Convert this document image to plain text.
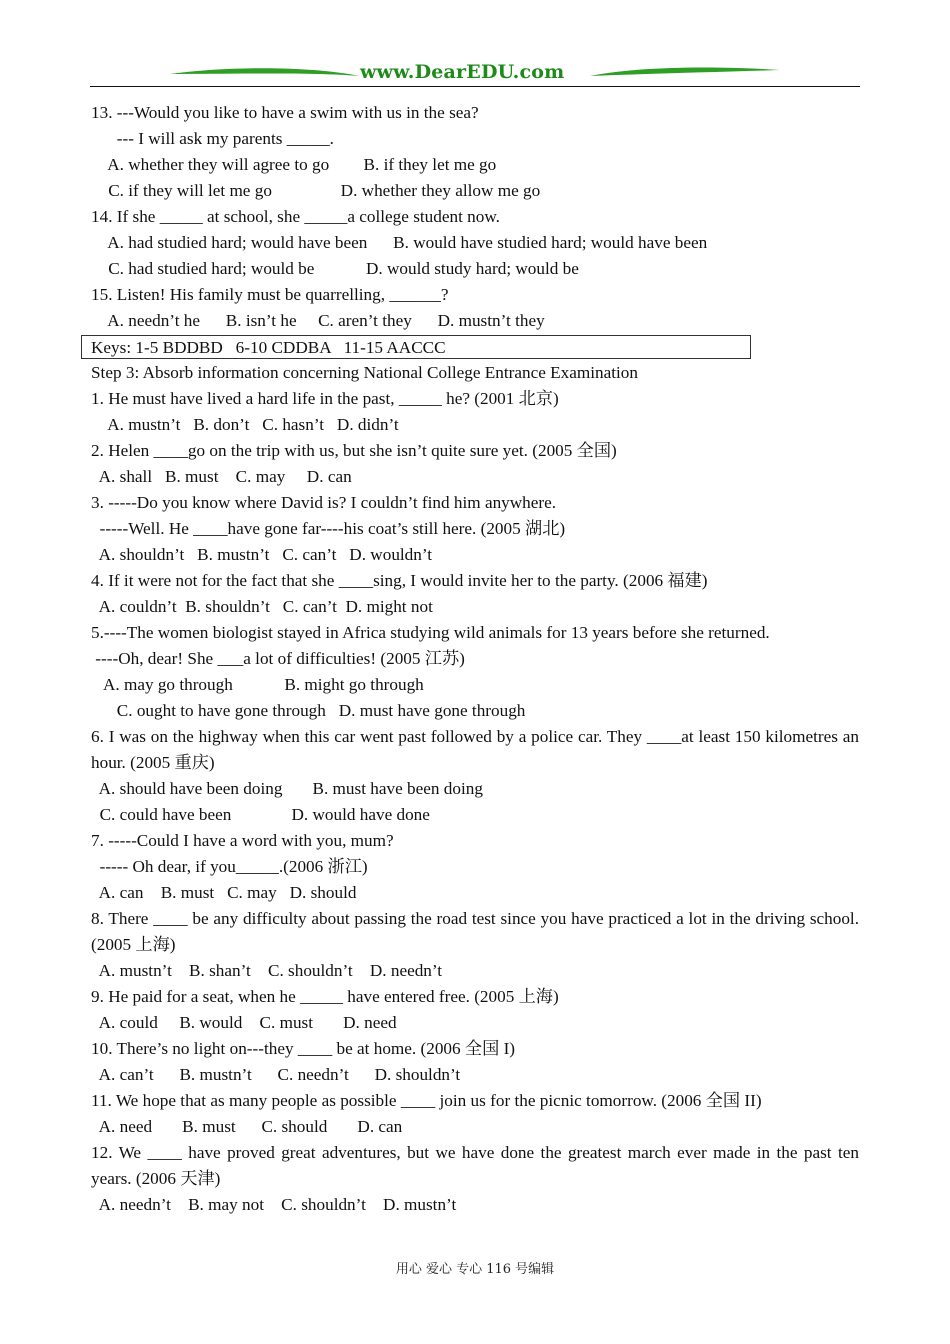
www.DearEDU.com
13. ---Would you like to have a swim with us in the sea?
--- I will ask my parents _____.
A. whether they will agree to go        B. if they let me go
C. if they will let me go                D. whether they allow me go
14. If she _____ at school, she _____a college student now.
A. had studied hard; would have been      B. would have studied hard; would have been
C. had studied hard; would be            D. would study hard; would be
15. Listen! His family must be quarrelling, ______?
A. needn’t he      B. isn’t he     C. aren’t they      D. mustn’t they
Keys: 1-5 BDDBD   6-10 CDDBA   11-15 AACCC
Step 3: Absorb information concerning National College Entrance Examination
1. He must have lived a hard life in the past, _____ he? (2001 北京)
A. mustn’t   B. don’t   C. hasn’t   D. didn’t
2. Helen ____go on the trip with us, but she isn’t quite sure yet. (2005 全国)
A. shall   B. must    C. may     D. can
3. -----Do you know where David is? I couldn’t find him anywhere.
-----Well. He ____have gone far----his coat’s still here. (2005 湖北)
A. shouldn’t   B. mustn’t   C. can’t   D. wouldn’t
4. If it were not for the fact that she ____sing, I would invite her to the party. (2006 福建)
A. couldn’t  B. shouldn’t   C. can’t  D. might not
5.----The women biologist stayed in Africa studying wild animals for 13 years before she returned.
----Oh, dear! She ___a lot of difficulties! (2005 江苏)
A. may go through            B. might go through
C. ought to have gone through   D. must have gone through
6. I was on the highway when this car went past followed by a police car. They ____at least 150 kilometres an hour. (2005 重庆)
A. should have been doing       B. must have been doing
C. could have been              D. would have done
7. -----Could I have a word with you, mum?
----- Oh dear, if you_____.(2006 浙江)
A. can    B. must   C. may   D. should
8. There ____ be any difficulty about passing the road test since you have practiced a lot in the driving school.(2005 上海)
A. mustn’t    B. shan’t    C. shouldn’t    D. needn’t
9. He paid for a seat, when he _____ have entered free. (2005 上海)
A. could     B. would    C. must       D. need
10. There’s no light on---they ____ be at home. (2006 全国 I)
A. can’t      B. mustn’t      C. needn’t      D. shouldn’t
11. We hope that as many people as possible ____ join us for the picnic tomorrow. (2006 全国 II)
A. need       B. must      C. should       D. can
12. We ____ have proved great adventures, but we have done the greatest march ever made in the past ten years. (2006 天津)
A. needn’t    B. may not    C. shouldn’t    D. mustn’t
用心 爱心 专心 116 号编辑
